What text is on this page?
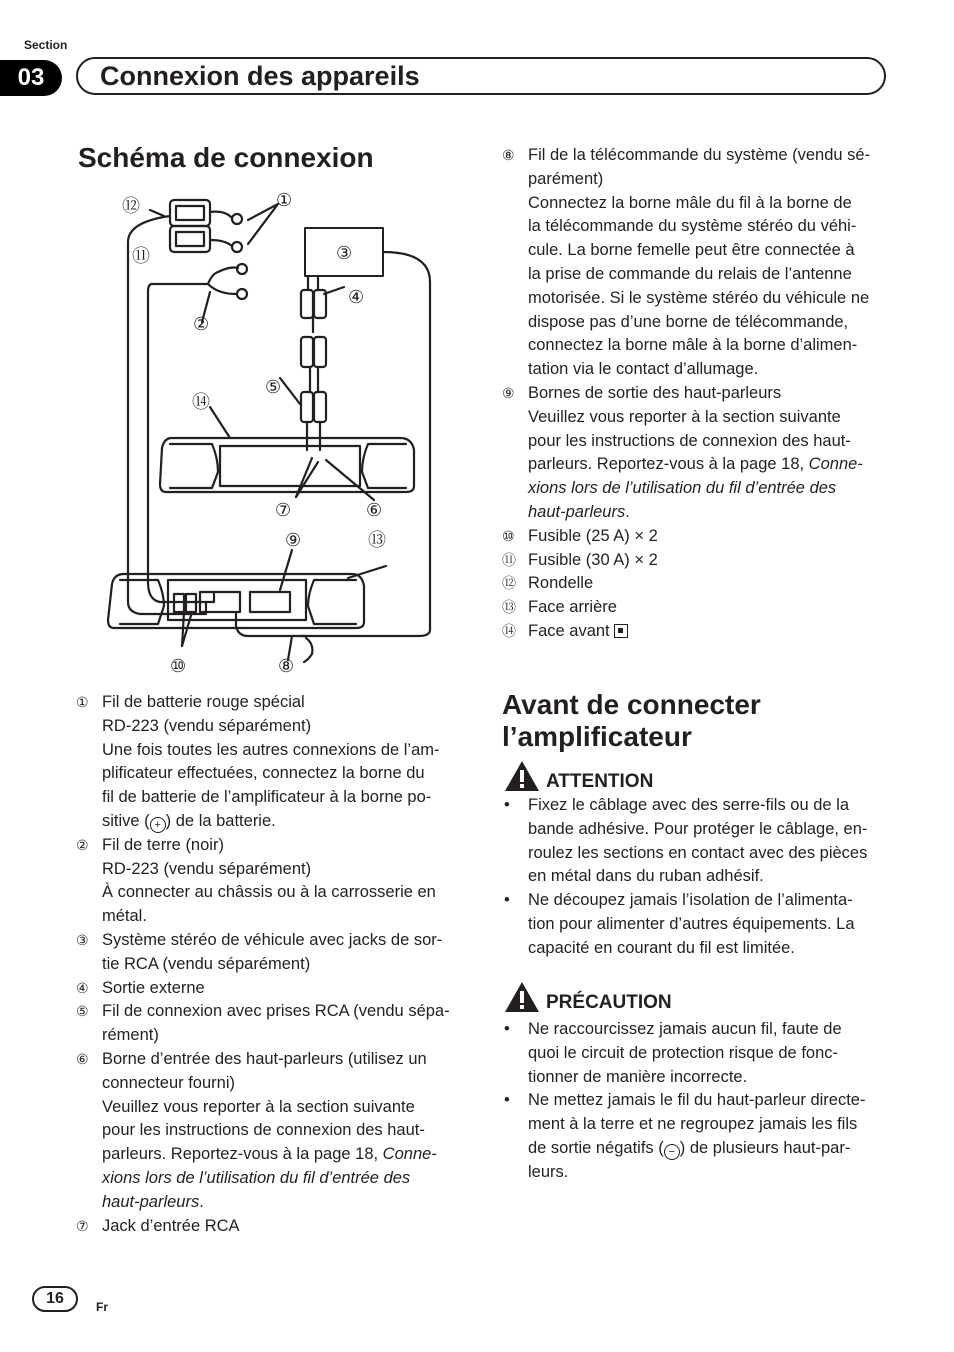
Section
03	Connexion des appareils
Schéma de connexion
①
②
③
④
⑤
⑥
⑦
⑧
⑨
⑩
⑪
⑫
⑬
⑭
① Fil de batterie rouge spécial
RD-223 (vendu séparément)
Une fois toutes les autres connexions de l’am-
plificateur effectuées, connectez la borne du
fil de batterie de l’amplificateur à la borne po-
sitive ( + ) de la batterie.
② Fil de terre (noir)
RD-223 (vendu séparément)
À connecter au châssis ou à la carrosserie en
métal.
③ Système stéréo de véhicule avec jacks de sor-
tie RCA (vendu séparément)
④ Sortie externe
⑤ Fil de connexion avec prises RCA (vendu sépa-
rément)
⑥ Borne d’entrée des haut-parleurs (utilisez un
connecteur fourni)
Veuillez vous reporter à la section suivante
pour les instructions de connexion des haut-
parleurs. Reportez-vous à la page 18, Conne-
xions lors de l’utilisation du fil d’entrée des
haut-parleurs.
⑦ Jack d’entrée RCA
⑧ Fil de la télécommande du système (vendu sé-
parément)
Connectez la borne mâle du fil à la borne de
la télécommande du système stéréo du véhi-
cule. La borne femelle peut être connectée à
la prise de commande du relais de l’antenne
motorisée. Si le système stéréo du véhicule ne
dispose pas d’une borne de télécommande,
connectez la borne mâle à la borne d’alimen-
tation via le contact d’allumage.
⑨ Bornes de sortie des haut-parleurs
Veuillez vous reporter à la section suivante
pour les instructions de connexion des haut-
parleurs. Reportez-vous à la page 18, Conne-
xions lors de l’utilisation du fil d’entrée des
haut-parleurs.
⑩ Fusible (25 A) × 2
⑪ Fusible (30 A) × 2
⑫ Rondelle
⑬ Face arrière
⑭ Face avant
Avant de connecter
l’amplificateur
ATTENTION
• Fixez le câblage avec des serre-fils ou de la
bande adhésive. Pour protéger le câblage, en-
roulez les sections en contact avec des pièces
en métal dans du ruban adhésif.
• Ne découpez jamais l’isolation de l’alimenta-
tion pour alimenter d’autres équipements. La
capacité en courant du fil est limitée.
PRÉCAUTION
• Ne raccourcissez jamais aucun fil, faute de
quoi le circuit de protection risque de fonc-
tionner de manière incorrecte.
• Ne mettez jamais le fil du haut-parleur directe-
ment à la terre et ne regroupez jamais les fils
de sortie négatifs ( − ) de plusieurs haut-par-
leurs.
16	Fr
